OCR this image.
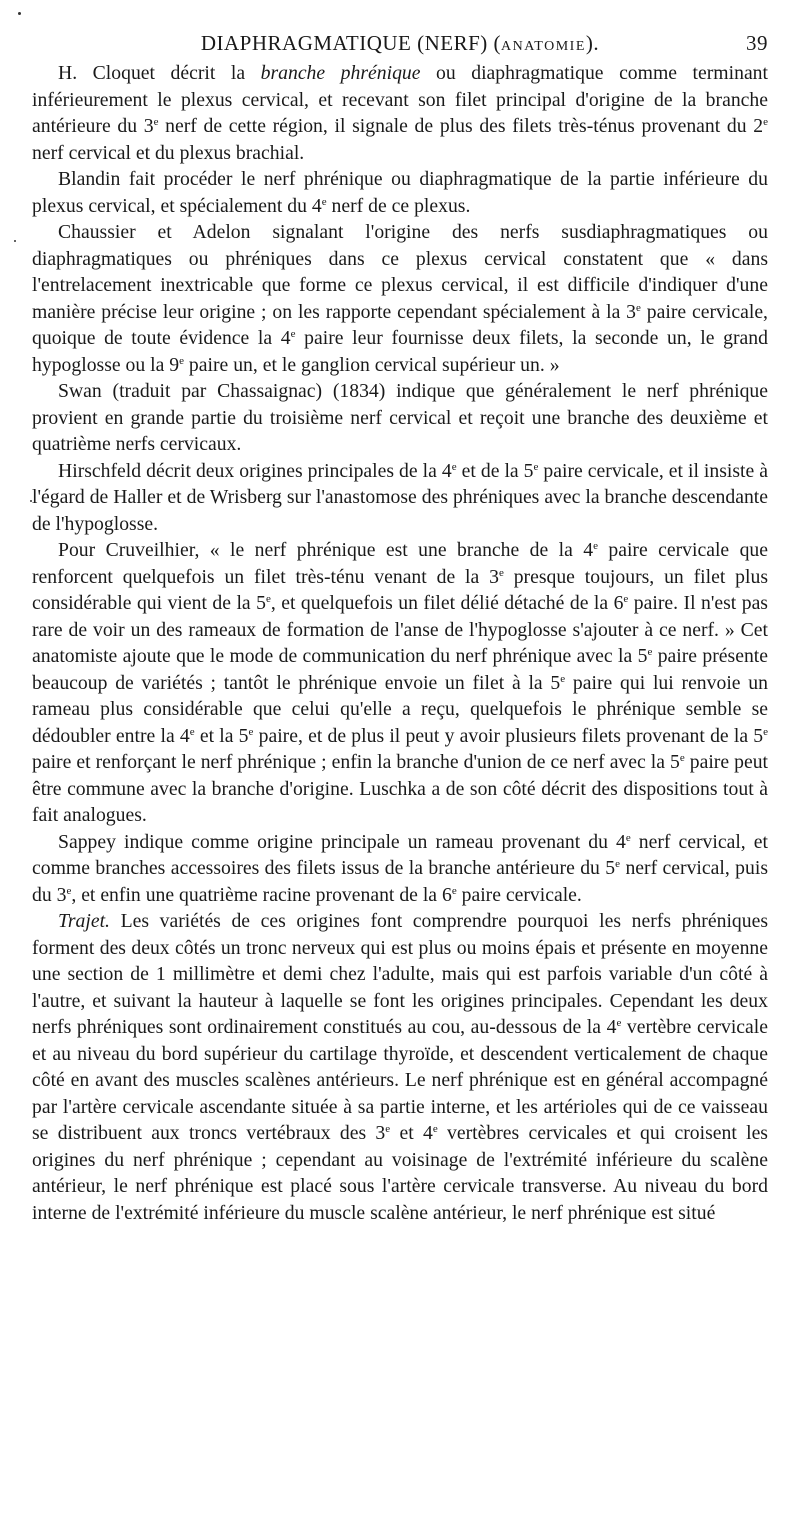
DIAPHRAGMATIQUE (NERF) (ANATOMIE).	39

H. Cloquet décrit la branche phrénique ou diaphragmatique comme terminant inférieurement le plexus cervical, et recevant son filet principal d'origine de la branche antérieure du 3e nerf de cette région, il signale de plus des filets très-ténus provenant du 2e nerf cervical et du plexus brachial.

Blandin fait procéder le nerf phrénique ou diaphragmatique de la partie inférieure du plexus cervical, et spécialement du 4e nerf de ce plexus.

Chaussier et Adelon signalant l'origine des nerfs susdiaphragmatiques ou diaphragmatiques ou phréniques dans ce plexus cervical constatent que « dans l'entrelacement inextricable que forme ce plexus cervical, il est difficile d'indiquer d'une manière précise leur origine ; on les rapporte cependant spécialement à la 3e paire cervicale, quoique de toute évidence la 4e paire leur fournisse deux filets, la seconde un, le grand hypoglosse ou la 9e paire un, et le ganglion cervical supérieur un. »

Swan (traduit par Chassaignac) (1834) indique que généralement le nerf phrénique provient en grande partie du troisième nerf cervical et reçoit une branche des deuxième et quatrième nerfs cervicaux.

Hirschfeld décrit deux origines principales de la 4e et de la 5e paire cervicale, et il insiste à l'égard de Haller et de Wrisberg sur l'anastomose des phréniques avec la branche descendante de l'hypoglosse.

Pour Cruveilhier, « le nerf phrénique est une branche de la 4e paire cervicale que renforcent quelquefois un filet très-ténu venant de la 3e presque toujours, un filet plus considérable qui vient de la 5e, et quelquefois un filet délié détaché de la 6e paire. Il n'est pas rare de voir un des rameaux de formation de l'anse de l'hypoglosse s'ajouter à ce nerf. » Cet anatomiste ajoute que le mode de communication du nerf phrénique avec la 5e paire présente beaucoup de variétés ; tantôt le phrénique envoie un filet à la 5e paire qui lui renvoie un rameau plus considérable que celui qu'elle a reçu, quelquefois le phrénique semble se dédoubler entre la 4e et la 5e paire, et de plus il peut y avoir plusieurs filets provenant de la 5e paire et renforçant le nerf phrénique ; enfin la branche d'union de ce nerf avec la 5e paire peut être commune avec la branche d'origine. Luschka a de son côté décrit des dispositions tout à fait analogues.

Sappey indique comme origine principale un rameau provenant du 4e nerf cervical, et comme branches accessoires des filets issus de la branche antérieure du 5e nerf cervical, puis du 3e, et enfin une quatrième racine provenant de la 6e paire cervicale.

Trajet. Les variétés de ces origines font comprendre pourquoi les nerfs phréniques forment des deux côtés un tronc nerveux qui est plus ou moins épais et présente en moyenne une section de 1 millimètre et demi chez l'adulte, mais qui est parfois variable d'un côté à l'autre, et suivant la hauteur à laquelle se font les origines principales. Cependant les deux nerfs phréniques sont ordinairement constitués au cou, au-dessous de la 4e vertèbre cervicale et au niveau du bord supérieur du cartilage thyroïde, et descendent verticalement de chaque côté en avant des muscles scalènes antérieurs. Le nerf phrénique est en général accompagné par l'artère cervicale ascendante située à sa partie interne, et les artérioles qui de ce vaisseau se distribuent aux troncs vertébraux des 3e et 4e vertèbres cervicales et qui croisent les origines du nerf phrénique ; cependant au voisinage de l'extrémité inférieure du scalène antérieur, le nerf phrénique est placé sous l'artère cervicale transverse. Au niveau du bord interne de l'extrémité inférieure du muscle scalène antérieur, le nerf phrénique est situé
